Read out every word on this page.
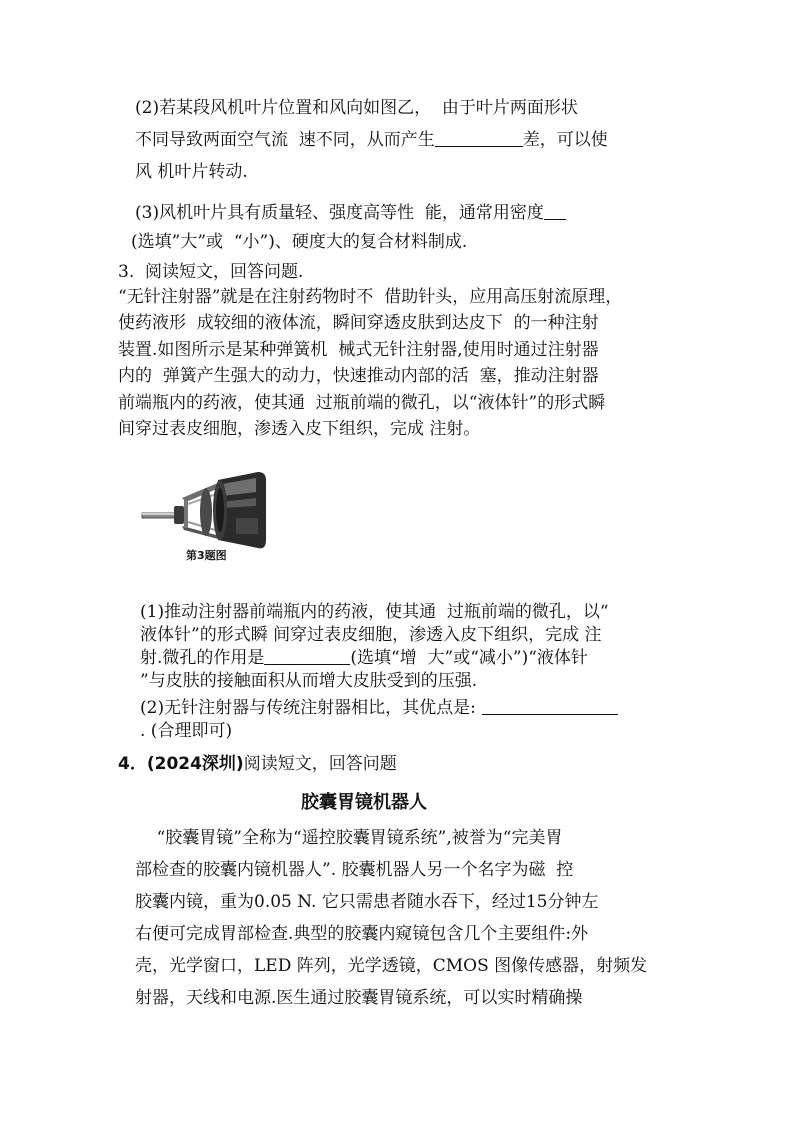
(2)若某段风机叶片位置和风向如图乙，  由于叶片两面形状
不同导致两面空气流  速不同，从而产生	差，可以使
风 机叶片转动.
(3)风机叶片具有质量轻、强度高等性  能，通常用密度
(选填”大”或  “小”)、硬度大的复合材料制成.
3.  阅读短文，回答问题.
“无针注射器”就是在注射药物时不  借助针头，应用高压射流原理，
使药液形  成较细的液体流，瞬间穿透皮肤到达皮下  的一种注射
装置.如图所示是某种弹簧机  械式无针注射器,使用时通过注射器
内的  弹簧产生强大的动力，快速推动内部的活  塞，推动注射器
前端瓶内的药液，使其通  过瓶前端的微孔，以“液体针”的形式瞬
间穿过表皮细胞，渗透入皮下组织，完成 注射。
第3题图
(1)推动注射器前端瓶内的药液，使其通  过瓶前端的微孔，以“
液体针”的形式瞬 间穿过表皮细胞，渗透入皮下组织，完成 注
射.微孔的作用是	(选填“增  大”或“减小”)“液体针
”与皮肤的接触面积从而增大皮肤受到的压强.
(2)无针注射器与传统注射器相比，其优点是:
. (合理即可)
4．(2024深圳)阅读短文，回答问题
胶囊胃镜机器人
“胶囊胃镜”全称为“遥控胶囊胃镜系统”,被誉为“完美胃
部检查的胶囊内镜机器人”. 胶囊机器人另一个名字为磁  控
胶囊内镜，重为0.05 N. 它只需患者随水吞下，经过15分钟左
右便可完成胃部检查.典型的胶囊内窥镜包含几个主要组件:外
壳，光学窗口，LED 阵列，光学透镜，CMOS 图像传感器，射频发
射器，天线和电源.医生通过胶囊胃镜系统，可以实时精确操
